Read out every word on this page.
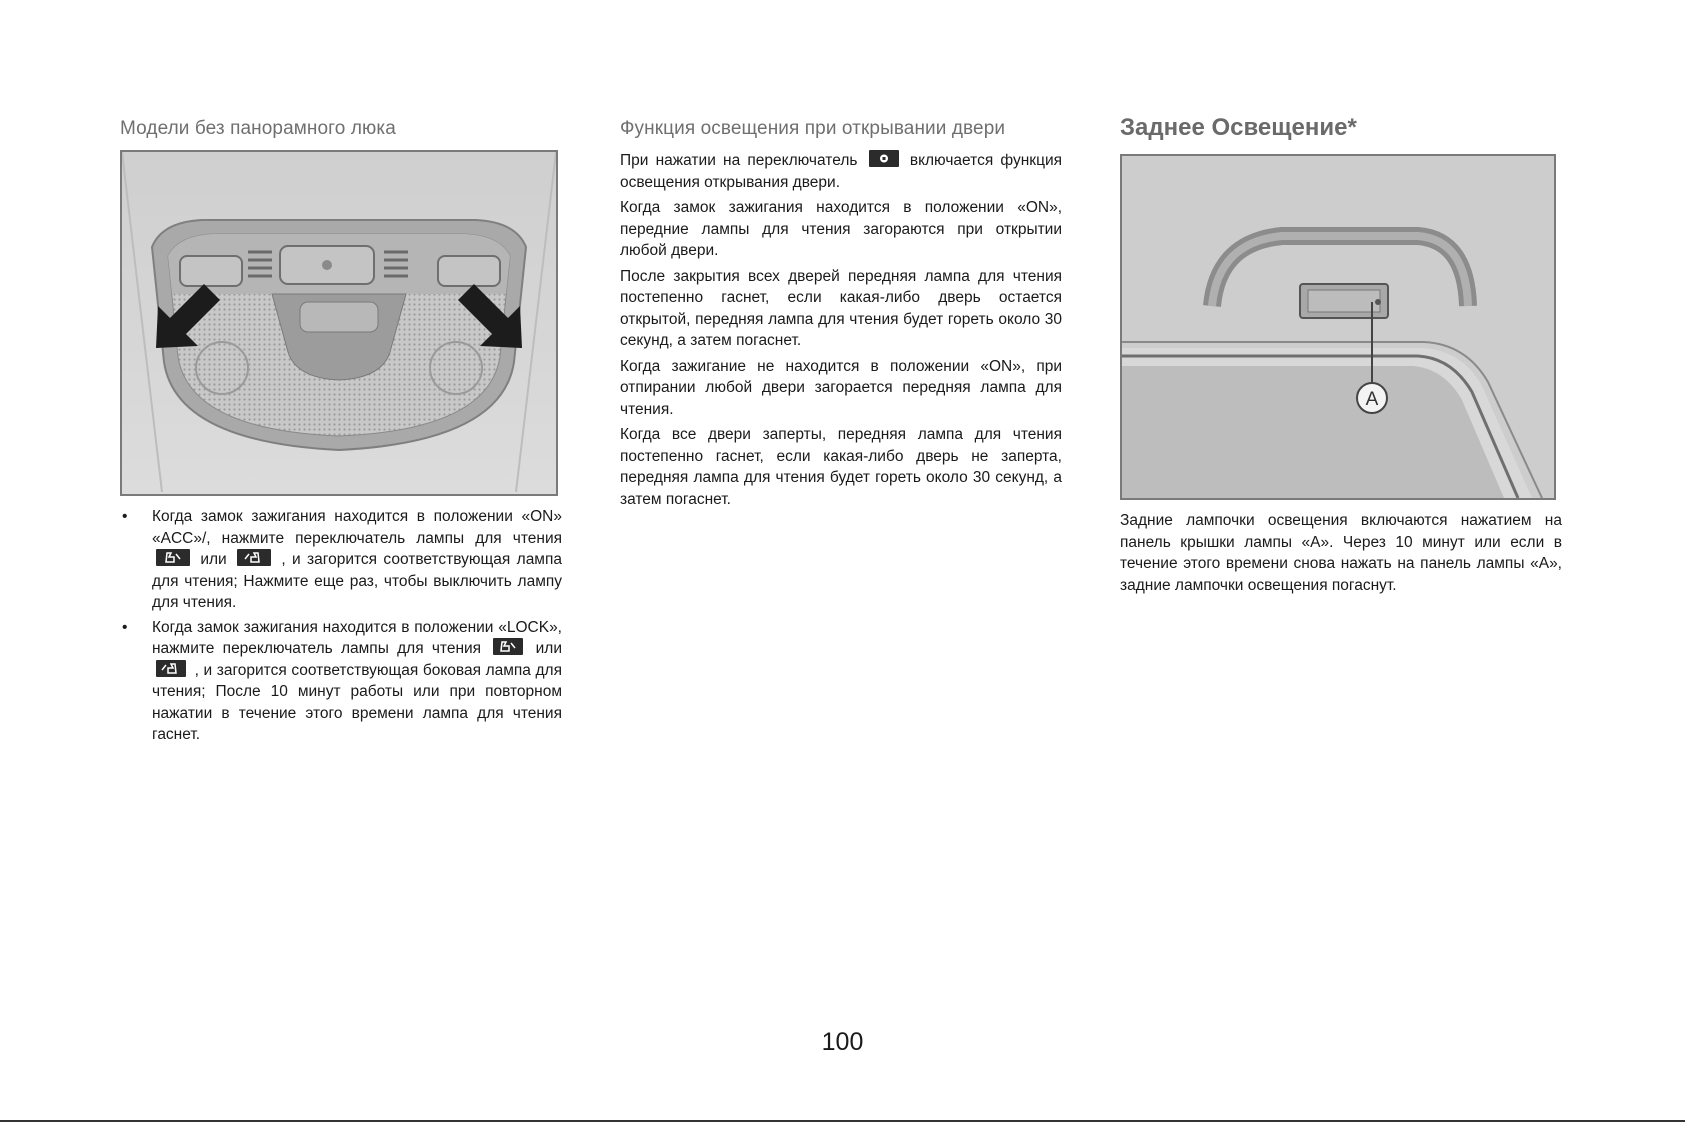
Модели без панорамного люка
• Когда замок зажигания находится в положении «ON» «ACC»/, нажмите переключатель лампы для чтения
или	, и загорится соответствующая лампа для чтения; Нажмите еще раз, чтобы выключить лампу для чтения.
• Когда замок зажигания находится в положении «LOCK», нажмите переключатель лампы для чтения	или
, и загорится соответствующая боковая лампа для чтения; После 10 минут работы или при повторном нажатии в течение этого времени лампа для чтения гаснет.
Функция освещения при открывании двери

При нажатии на переключатель	включается функция освещения открывания двери.

Когда замок зажигания находится в положении «ON», передние лампы для чтения загораются при открытии любой двери.

После закрытия всех дверей передняя лампа для чтения постепенно гаснет, если какая-либо дверь остается открытой, передняя лампа для чтения будет гореть около 30 секунд, а затем погаснет.

Когда зажигание не находится в положении «ON», при отпирании любой двери загорается передняя лампа для чтения.

Когда все двери заперты, передняя лампа для чтения постепенно гаснет, если какая-либо дверь не заперта, передняя лампа для чтения будет гореть около 30 секунд, а затем погаснет.

Заднее Освещение*
A

Задние лампочки освещения включаются нажатием на панель крышки лампы «A». Через 10 минут или если в течение этого времени снова нажать на панель лампы «A», задние лампочки освещения погаснут.

100
